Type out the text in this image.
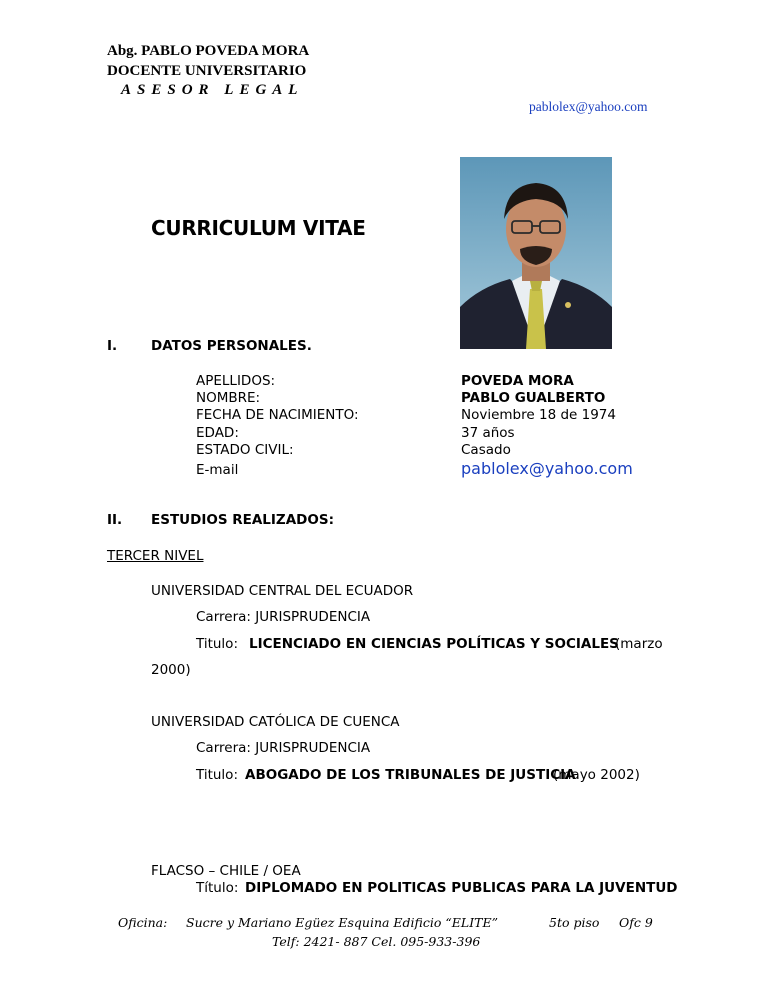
Abg. PABLO POVEDA MORA
DOCENTE UNIVERSITARIO
ASESOR LEGAL
pablolex@yahoo.com
CURRICULUM VITAE
I.	DATOS PERSONALES.
APELLIDOS:	POVEDA MORA
NOMBRE:	PABLO GUALBERTO
FECHA DE NACIMIENTO:	Noviembre 18 de 1974
EDAD:	37 años
ESTADO CIVIL:	Casado
E-mail	pablolex@yahoo.com
II. ESTUDIOS REALIZADOS:
TERCER NIVEL
UNIVERSIDAD CENTRAL DEL ECUADOR
Carrera: JURISPRUDENCIA
Titulo: LICENCIADO EN CIENCIAS POLÍTICAS Y SOCIALES
(marzo
2000)
UNIVERSIDAD CATÓLICA DE CUENCA
Carrera: JURISPRUDENCIA
Titulo: ABOGADO DE LOS TRIBUNALES DE JUSTICIA
(mayo 2002)
FLACSO – CHILE / OEA
Título: DIPLOMADO EN POLITICAS PUBLICAS PARA LA JUVENTUD
Oficina: Sucre y Mariano Egüez Esquina Edificio “ELITE”	5to piso Ofc 9
Telf: 2421- 887 Cel. 095-933-396
